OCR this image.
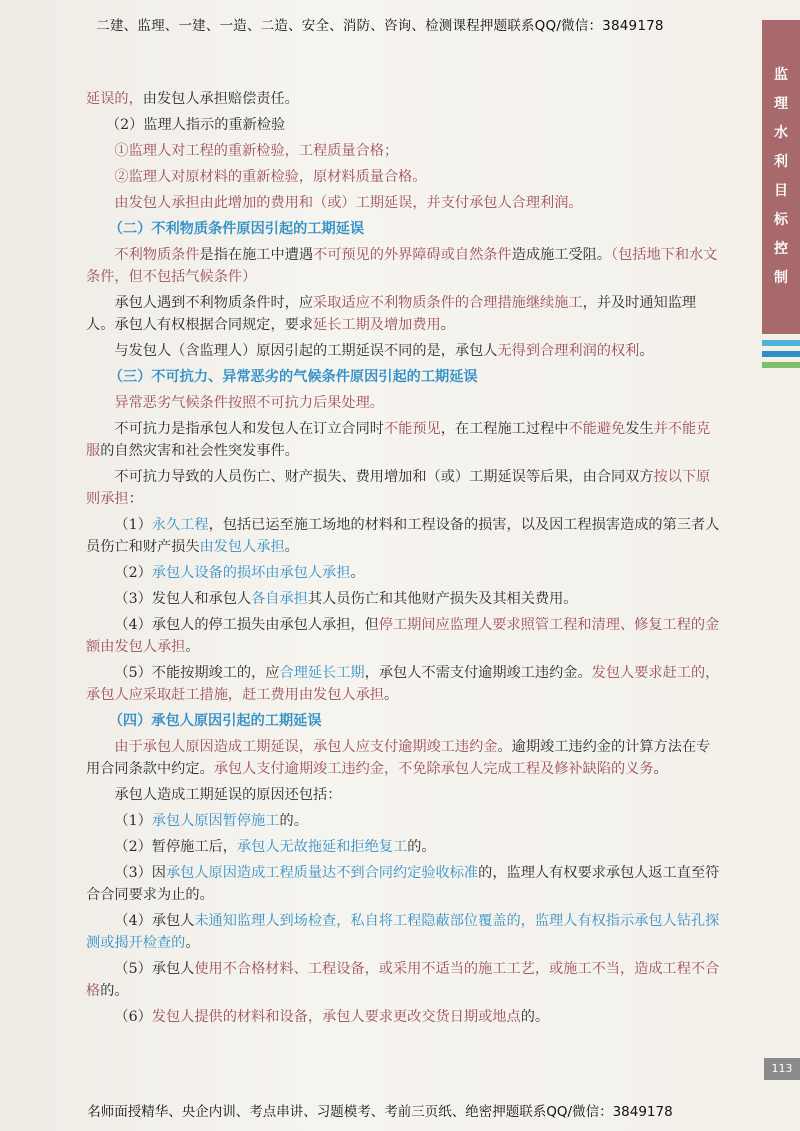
二建、监理、一建、一造、二造、安全、消防、咨询、检测课程押题联系QQ/微信：3849178
监
理
水
利
目
标
控
制

延误的，由发包人承担赔偿责任。

（2）监理人指示的重新检验

①监理人对工程的重新检验，工程质量合格；

②监理人对原材料的重新检验，原材料质量合格。

由发包人承担由此增加的费用和（或）工期延误，并支付承包人合理利润。

（二）不利物质条件原因引起的工期延误

不利物质条件是指在施工中遭遇不可预见的外界障碍或自然条件造成施工受阻。（包括地下和水文条件，但不包括气候条件）

承包人遇到不利物质条件时，应采取适应不利物质条件的合理措施继续施工，并及时通知监理人。承包人有权根据合同规定，要求延长工期及增加费用。

与发包人（含监理人）原因引起的工期延误不同的是，承包人无得到合理利润的权利。

（三）不可抗力、异常恶劣的气候条件原因引起的工期延误

异常恶劣气候条件按照不可抗力后果处理。

不可抗力是指承包人和发包人在订立合同时不能预见，在工程施工过程中不能避免发生并不能克服的自然灾害和社会性突发事件。

不可抗力导致的人员伤亡、财产损失、费用增加和（或）工期延误等后果，由合同双方按以下原则承担：

（1）永久工程，包括已运至施工场地的材料和工程设备的损害，以及因工程损害造成的第三者人员伤亡和财产损失由发包人承担。

（2）承包人设备的损坏由承包人承担。

（3）发包人和承包人各自承担其人员伤亡和其他财产损失及其相关费用。

（4）承包人的停工损失由承包人承担，但停工期间应监理人要求照管工程和清理、修复工程的金额由发包人承担。

（5）不能按期竣工的，应合理延长工期，承包人不需支付逾期竣工违约金。发包人要求赶工的，承包人应采取赶工措施，赶工费用由发包人承担。

（四）承包人原因引起的工期延误

由于承包人原因造成工期延误，承包人应支付逾期竣工违约金。逾期竣工违约金的计算方法在专用合同条款中约定。承包人支付逾期竣工违约金，不免除承包人完成工程及修补缺陷的义务。

承包人造成工期延误的原因还包括：

（1）承包人原因暂停施工的。

（2）暂停施工后，承包人无故拖延和拒绝复工的。

（3）因承包人原因造成工程质量达不到合同约定验收标准的，监理人有权要求承包人返工直至符合合同要求为止的。

（4）承包人未通知监理人到场检查，私自将工程隐蔽部位覆盖的，监理人有权指示承包人钻孔探测或揭开检查的。

（5）承包人使用不合格材料、工程设备，或采用不适当的施工工艺，或施工不当，造成工程不合格的。

（6）发包人提供的材料和设备，承包人要求更改交货日期或地点的。

113
名师面授精华、央企内训、考点串讲、习题模考、考前三页纸、绝密押题联系QQ/微信：3849178
